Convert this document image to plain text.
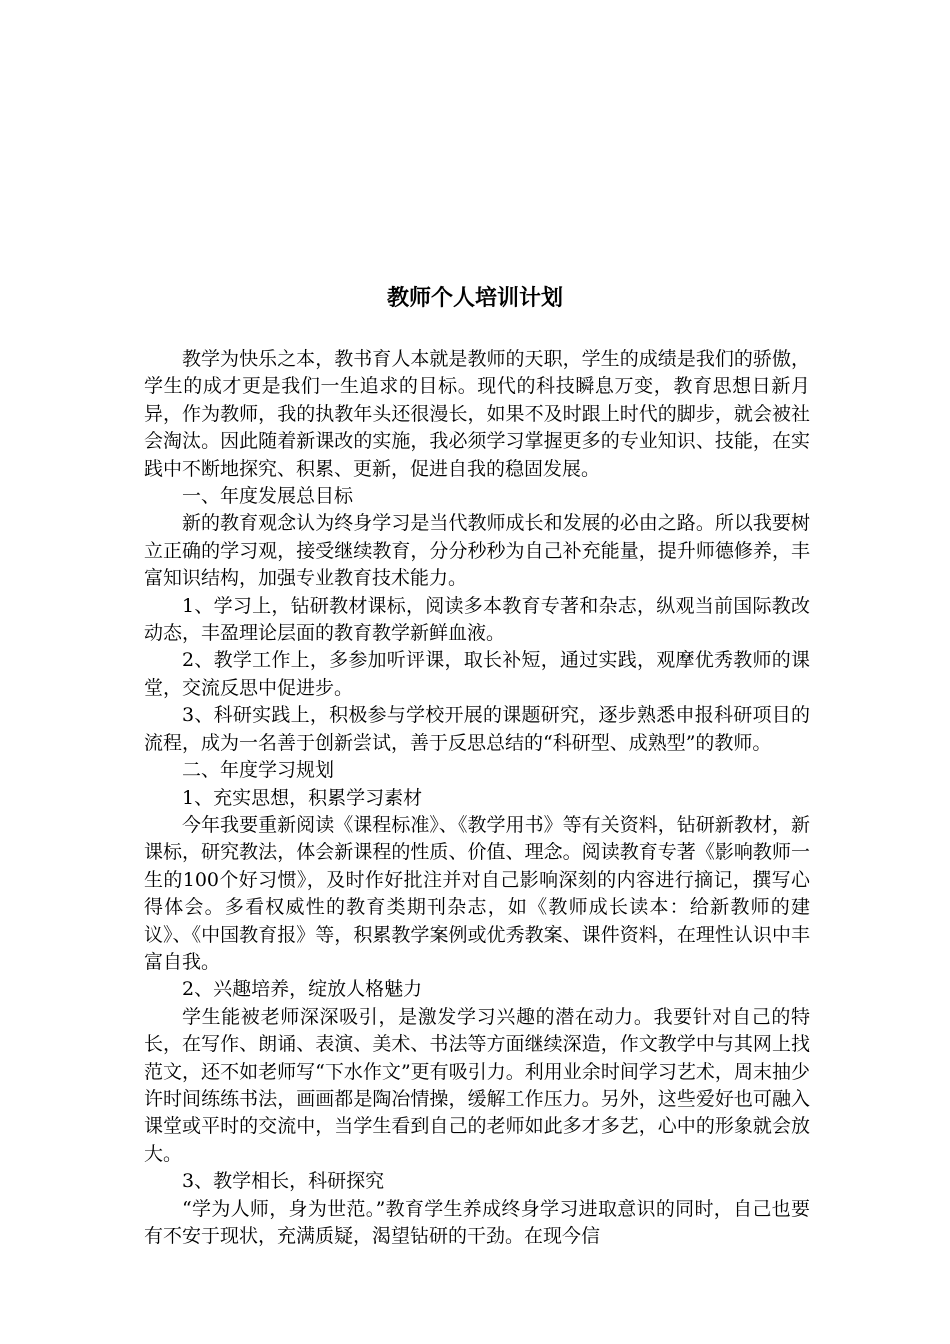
教师个人培训计划

教学为快乐之本，教书育人本就是教师的天职，学生的成绩是我们的骄傲，学生的成才更是我们一生追求的目标。现代的科技瞬息万变，教育思想日新月异，作为教师，我的执教年头还很漫长，如果不及时跟上时代的脚步，就会被社会淘汰。因此随着新课改的实施，我必须学习掌握更多的专业知识、技能，在实践中不断地探究、积累、更新，促进自我的稳固发展。

一、年度发展总目标

新的教育观念认为终身学习是当代教师成长和发展的必由之路。所以我要树立正确的学习观，接受继续教育，分分秒秒为自己补充能量，提升师德修养，丰富知识结构，加强专业教育技术能力。

1、学习上，钻研教材课标，阅读多本教育专著和杂志，纵观当前国际教改动态，丰盈理论层面的教育教学新鲜血液。

2、教学工作上，多参加听评课，取长补短，通过实践，观摩优秀教师的课堂，交流反思中促进步。

3、科研实践上，积极参与学校开展的课题研究，逐步熟悉申报科研项目的流程，成为一名善于创新尝试，善于反思总结的“科研型、成熟型”的教师。

二、年度学习规划

1、充实思想，积累学习素材

今年我要重新阅读《课程标准》、《教学用书》等有关资料，钻研新教材，新课标，研究教法，体会新课程的性质、价值、理念。阅读教育专著《影响教师一生的100个好习惯》，及时作好批注并对自己影响深刻的内容进行摘记，撰写心得体会。多看权威性的教育类期刊杂志，如《教师成长读本：给新教师的建议》、《中国教育报》等，积累教学案例或优秀教案、课件资料，在理性认识中丰富自我。

2、兴趣培养，绽放人格魅力

学生能被老师深深吸引，是激发学习兴趣的潜在动力。我要针对自己的特长，在写作、朗诵、表演、美术、书法等方面继续深造，作文教学中与其网上找范文，还不如老师写“下水作文”更有吸引力。利用业余时间学习艺术，周末抽少许时间练练书法，画画都是陶冶情操，缓解工作压力。另外，这些爱好也可融入课堂或平时的交流中，当学生看到自己的老师如此多才多艺，心中的形象就会放大。

3、教学相长，科研探究

“学为人师，身为世范。”教育学生养成终身学习进取意识的同时，自己也要有不安于现状，充满质疑，渴望钻研的干劲。在现今信
